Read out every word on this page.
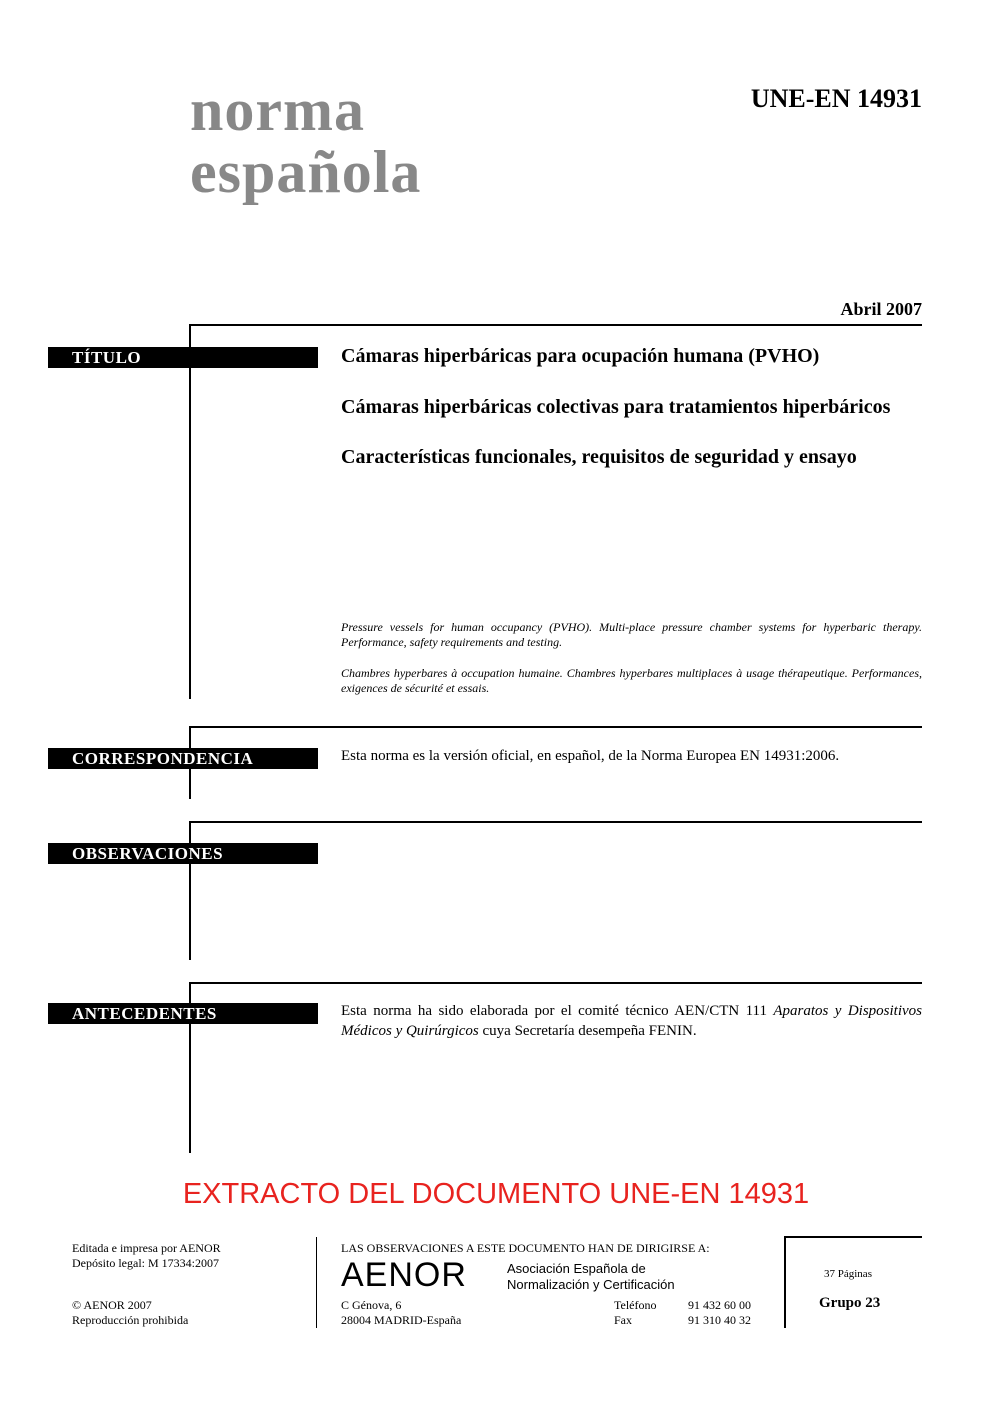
norma
española
UNE-EN 14931
Abril 2007
TÍTULO	Cámaras hiperbáricas para ocupación humana (PVHO)
Cámaras hiperbáricas colectivas para tratamientos hiperbáricos
Características funcionales, requisitos de seguridad y ensayo
Pressure vessels for human occupancy (PVHO). Multi-place pressure chamber systems for hyperbaric therapy. Performance, safety requirements and testing.
Chambres hyperbares à occupation humaine. Chambres hyperbares multiplaces à usage thérapeutique. Performances, exigences de sécurité et essais.
CORRESPONDENCIA	Esta norma es la versión oficial, en español, de la Norma Europea EN 14931:2006.
OBSERVACIONES
ANTECEDENTES	Esta norma ha sido elaborada por el comité técnico AEN/CTN 111 Aparatos y Dispositivos Médicos y Quirúrgicos cuya Secretaría desempeña FENIN.
EXTRACTO DEL DOCUMENTO UNE-EN 14931
Editada e impresa por AENOR
Depósito legal: M 17334:2007
© AENOR 2007
Reproducción prohibida
LAS OBSERVACIONES A ESTE DOCUMENTO HAN DE DIRIGIRSE A:
AENOR	Asociación Española de
Normalización y Certificación
C Génova, 6
28004 MADRID-España
Teléfono	91 432 60 00
Fax	91 310 40 32
37 Páginas
Grupo 23
